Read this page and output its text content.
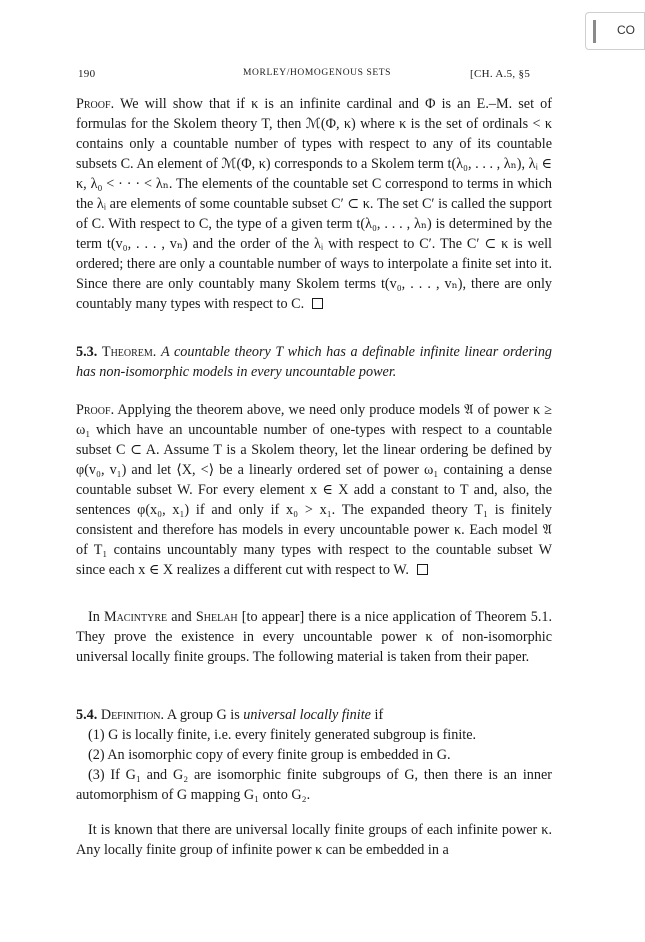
CO
190	MORLEY/HOMOGENOUS SETS	[CH. A.5, §5

Proof. We will show that if κ is an infinite cardinal and Φ is an E.–M. set of formulas for the Skolem theory T, then ℳ(Φ, κ) where κ is the set of ordinals < κ contains only a countable number of types with respect to any of its countable subsets C. An element of ℳ(Φ, κ) corresponds to a Skolem term t(λ₀, . . . , λₙ), λᵢ ∈ κ, λ₀ < · · · < λₙ. The elements of the countable set C correspond to terms in which the λᵢ are elements of some countable subset C′ ⊂ κ. The set C′ is called the support of C. With respect to C, the type of a given term t(λ₀, . . . , λₙ) is determined by the term t(v₀, . . . , vₙ) and the order of the λᵢ with respect to C′. The C′ ⊂ κ is well ordered; there are only a countable number of ways to interpolate a finite set into it. Since there are only countably many Skolem terms t(v₀, . . . , vₙ), there are only countably many types with respect to C.

5.3. Theorem. A countable theory T which has a definable infinite linear ordering has non-isomorphic models in every uncountable power.

Proof. Applying the theorem above, we need only produce models 𝔄 of power κ ≥ ω₁ which have an uncountable number of one-types with respect to a countable subset C ⊂ A. Assume T is a Skolem theory, let the linear ordering be defined by φ(v₀, v₁) and let ⟨X, <⟩ be a linearly ordered set of power ω₁ containing a dense countable subset W. For every element x ∈ X add a constant to T and, also, the sentences φ(x₀, x₁) if and only if x₀ > x₁. The expanded theory T₁ is finitely consistent and therefore has models in every uncountable power κ. Each model 𝔄 of T₁ contains uncountably many types with respect to the countable subset W since each x ∈ X realizes a different cut with respect to W.

In Macintyre and Shelah [to appear] there is a nice application of Theorem 5.1. They prove the existence in every uncountable power κ of non-isomorphic universal locally finite groups. The following material is taken from their paper.

5.4. Definition. A group G is universal locally finite if

(1) G is locally finite, i.e. every finitely generated subgroup is finite.

(2) An isomorphic copy of every finite group is embedded in G.

(3) If G₁ and G₂ are isomorphic finite subgroups of G, then there is an inner automorphism of G mapping G₁ onto G₂.

It is known that there are universal locally finite groups of each infinite power κ. Any locally finite group of infinite power κ can be embedded in a
